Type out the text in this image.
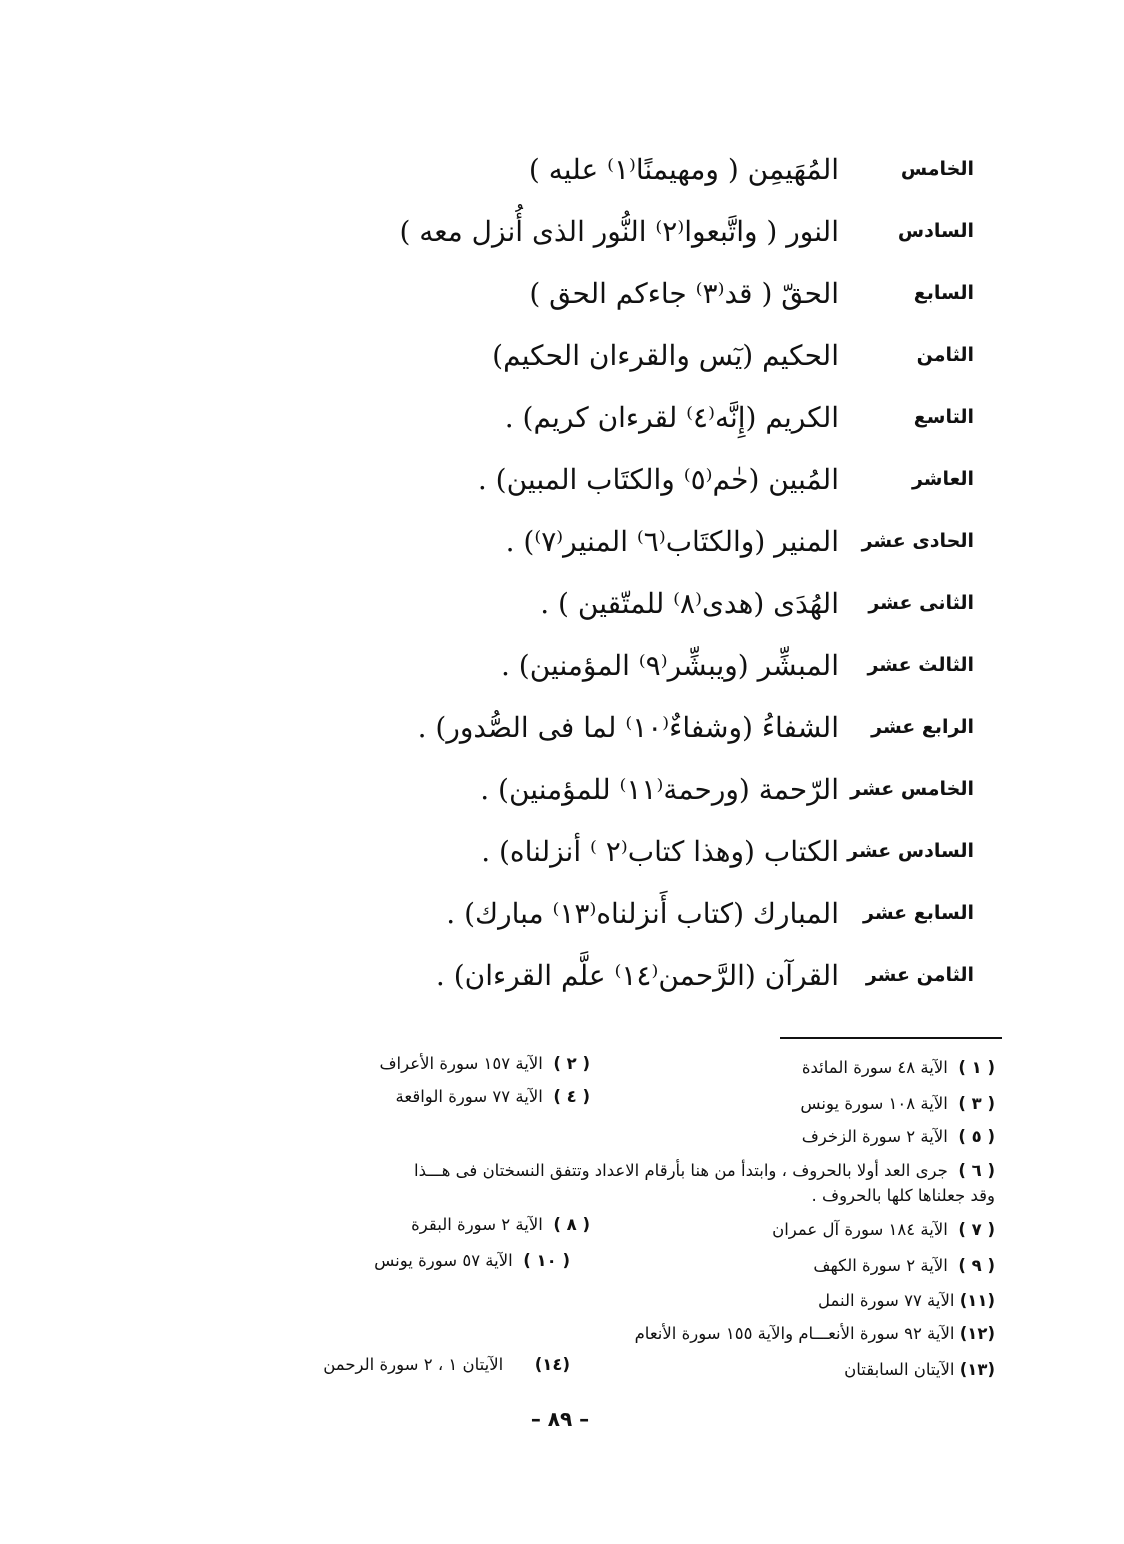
الخامس
المُهَيمِن ( ومهيمنًا⁽١⁾ عليه )
السادس
النور ( واتَّبعوا⁽٢⁾ النُّور الذى أُنزل معه )
السابع
الحقّ ( قد⁽٣⁾ جاءكم الحق )
الثامن
الحكيم (يٓس والقرءان الحكيم)
التاسع
الكريم (إِنَّه⁽٤⁾ لقرءان كريم) .
العاشر
المُبين (حٰم⁽٥⁾ والكتَاب المبين) .
الحادى عشر
المنير (والكتَاب⁽٦⁾ المنير⁽٧⁾) .
الثانى عشر
الهُدَى (هدى⁽٨⁾ للمتّقين ) .
الثالث عشر
المبشِّر (ويبشِّر⁽٩⁾ المؤمنين) .
الرابع عشر
الشفاءُ (وشفاءٌ⁽١٠⁾ لما فى الصُّدور) .
الخامس عشر
الرّحمة (ورحمة⁽١١⁾ للمؤمنين) .
السادس عشر
الكتاب (وهذا كتاب⁽٢ ⁾ أنزلناه) .
السابع عشر
المبارك (كتاب أَنزلناه⁽١٣⁾ مبارك) .
الثامن عشر
القرآن (الرَّحمن⁽١٤⁾ علَّم القرءان) .
( ١ )  الآية ٤٨ سورة المائدة
( ٢ )  الآية ١٥٧ سورة الأعراف
( ٣ )  الآية ١٠٨ سورة يونس
( ٤ )  الآية ٧٧ سورة الواقعة
( ٥ )  الآية ٢ سورة الزخرف
( ٦ )  جرى العد أولا بالحروف ، وابتدأ من هنا بأرقام الاعداد وتتفق النسختان فى هـــذا
وقد جعلناها كلها بالحروف .
( ٧ )  الآية ١٨٤ سورة آل عمران
( ٨ )  الآية ٢ سورة البقرة
( ٩ )  الآية ٢ سورة الكهف
( ١٠ )  الآية ٥٧ سورة يونس
(١١) الآية ٧٧ سورة النمل
(١٢) الآية ٩٢ سورة الأنعـــام والآية ١٥٥ سورة الأنعام
(١٣) الآيتان السابقتان
(١٤)      الآيتان ١ ، ٢ سورة الرحمن
– ٨٩ –
